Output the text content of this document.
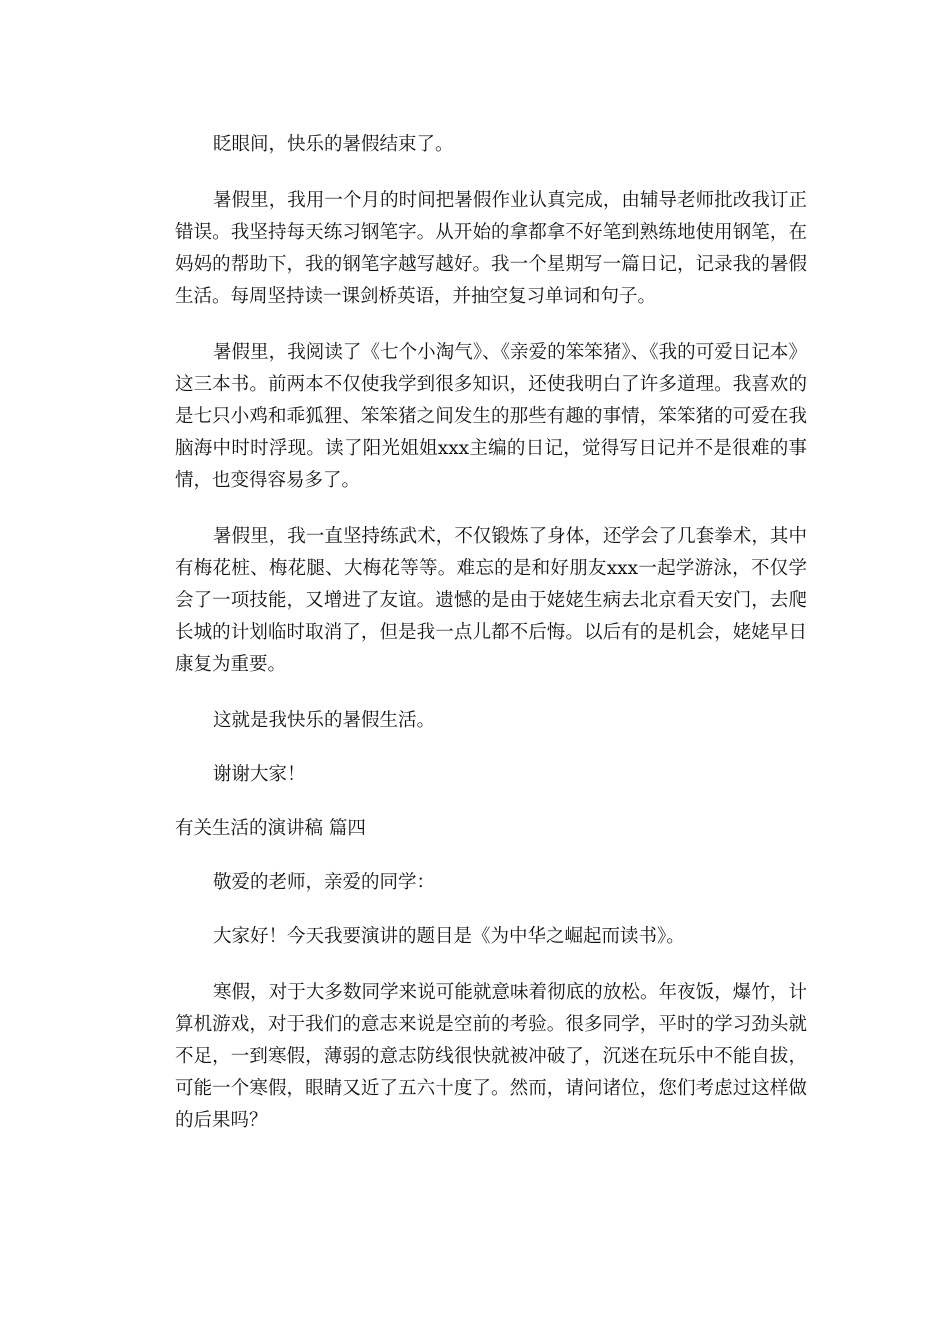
眨眼间，快乐的暑假结束了。

暑假里，我用一个月的时间把暑假作业认真完成，由辅导老师批改我订正错误。我坚持每天练习钢笔字。从开始的拿都拿不好笔到熟练地使用钢笔，在妈妈的帮助下，我的钢笔字越写越好。我一个星期写一篇日记，记录我的暑假生活。每周坚持读一课剑桥英语，并抽空复习单词和句子。

暑假里，我阅读了《七个小淘气》、《亲爱的笨笨猪》、《我的可爱日记本》这三本书。前两本不仅使我学到很多知识，还使我明白了许多道理。我喜欢的是七只小鸡和乖狐狸、笨笨猪之间发生的那些有趣的事情，笨笨猪的可爱在我脑海中时时浮现。读了阳光姐姐xxx主编的日记，觉得写日记并不是很难的事情，也变得容易多了。

暑假里，我一直坚持练武术，不仅锻炼了身体，还学会了几套拳术，其中有梅花桩、梅花腿、大梅花等等。难忘的是和好朋友xxx一起学游泳，不仅学会了一项技能，又增进了友谊。遗憾的是由于姥姥生病去北京看天安门，去爬长城的计划临时取消了，但是我一点儿都不后悔。以后有的是机会，姥姥早日康复为重要。

这就是我快乐的暑假生活。

谢谢大家！

有关生活的演讲稿 篇四

敬爱的老师，亲爱的同学：

大家好！今天我要演讲的题目是《为中华之崛起而读书》。

寒假，对于大多数同学来说可能就意味着彻底的放松。年夜饭，爆竹，计算机游戏，对于我们的意志来说是空前的考验。很多同学，平时的学习劲头就不足，一到寒假，薄弱的意志防线很快就被冲破了，沉迷在玩乐中不能自拔，可能一个寒假，眼睛又近了五六十度了。然而，请问诸位，您们考虑过这样做的后果吗？
